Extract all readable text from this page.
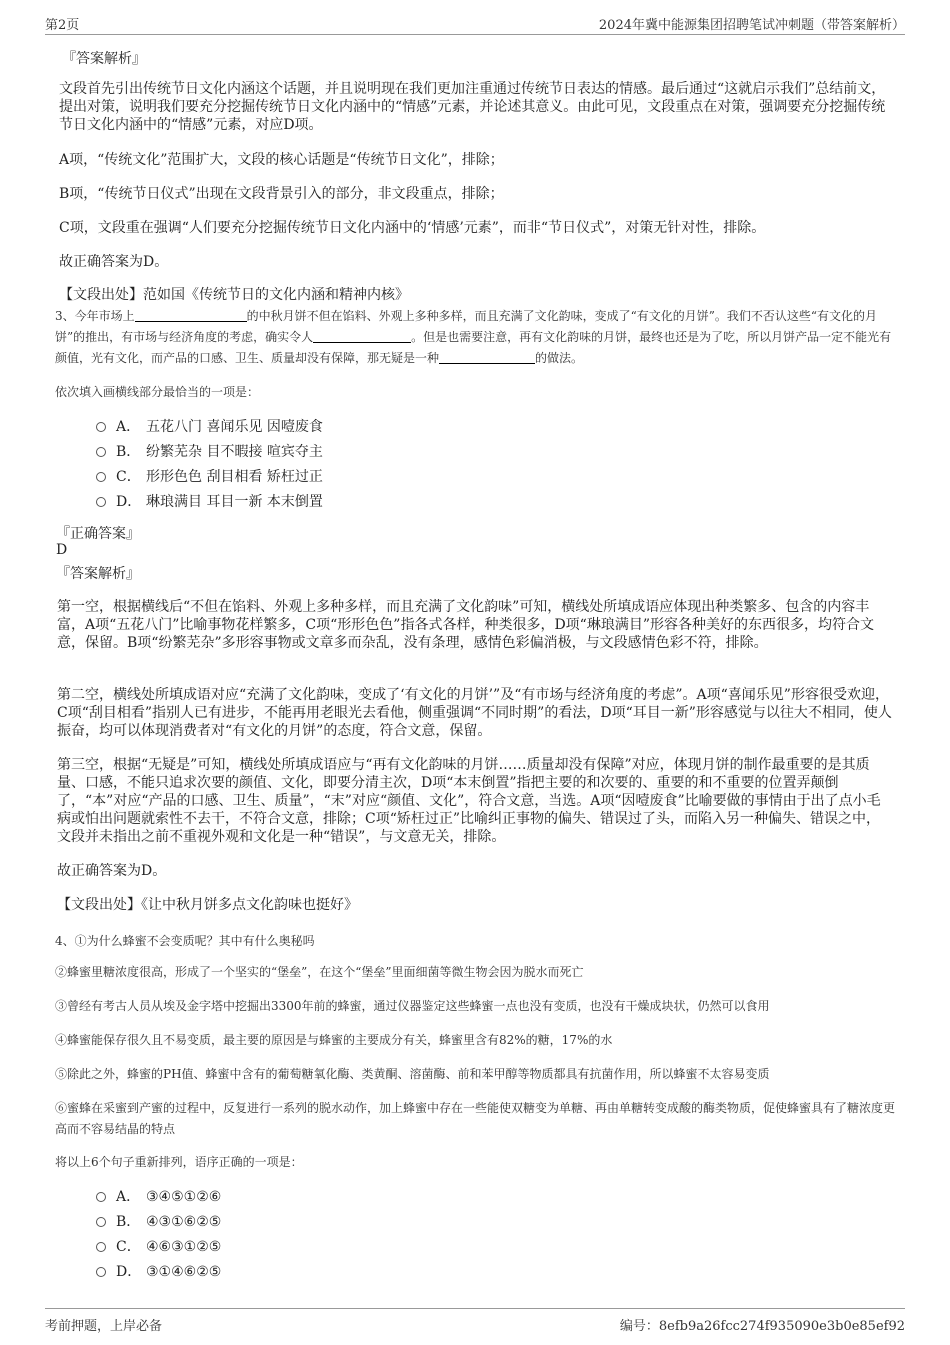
第2页	2024年冀中能源集团招聘笔试冲刺题（带答案解析）
『答案解析』
文段首先引出传统节日文化内涵这个话题，并且说明现在我们更加注重通过传统节日表达的情感。最后通过“这就启示我们”总结前文，提出对策，说明我们要充分挖掘传统节日文化内涵中的“情感”元素，并论述其意义。由此可见，文段重点在对策，强调要充分挖掘传统节日文化内涵中的“情感”元素，对应D项。
A项，“传统文化”范围扩大，文段的核心话题是“传统节日文化”，排除；
B项，“传统节日仪式”出现在文段背景引入的部分，非文段重点，排除；
C项，文段重在强调“人们要充分挖掘传统节日文化内涵中的‘情感’元素”，而非“节日仪式”，对策无针对性，排除。
故正确答案为D。
【文段出处】范如国《传统节日的文化内涵和精神内核》
3、今年市场上	的中秋月饼不但在馅料、外观上多种多样，而且充满了文化韵味，变成了“有文化的月饼”。我们不否认这些“有文化的月饼”的推出，有市场与经济角度的考虑，确实令人	。但是也需要注意，再有文化韵味的月饼，最终也还是为了吃，所以月饼产品一定不能光有颜值，光有文化，而产品的口感、卫生、质量却没有保障，那无疑是一种	的做法。
依次填入画横线部分最恰当的一项是：
A． 五花八门 喜闻乐见 因噎废食
B． 纷繁芜杂 目不暇接 喧宾夺主
C． 形形色色 刮目相看 矫枉过正
D． 琳琅满目 耳目一新 本末倒置
『正确答案』
D
『答案解析』
第一空，根据横线后“不但在馅料、外观上多种多样，而且充满了文化韵味”可知，横线处所填成语应体现出种类繁多、包含的内容丰富，A项“五花八门”比喻事物花样繁多，C项“形形色色”指各式各样，种类很多，D项“琳琅满目”形容各种美好的东西很多，均符合文意，保留。B项“纷繁芜杂”多形容事物或文章多而杂乱，没有条理，感情色彩偏消极，与文段感情色彩不符，排除。
第二空，横线处所填成语对应“充满了文化韵味，变成了‘有文化的月饼’”及“有市场与经济角度的考虑”。A项“喜闻乐见”形容很受欢迎，C项“刮目相看”指别人已有进步，不能再用老眼光去看他，侧重强调“不同时期”的看法，D项“耳目一新”形容感觉与以往大不相同，使人振奋，均可以体现消费者对“有文化的月饼”的态度，符合文意，保留。
第三空，根据“无疑是”可知，横线处所填成语应与“再有文化韵味的月饼……质量却没有保障”对应，体现月饼的制作最重要的是其质量、口感，不能只追求次要的颜值、文化，即要分清主次，D项“本末倒置”指把主要的和次要的、重要的和不重要的位置弄颠倒了，“本”对应“产品的口感、卫生、质量”，“末”对应“颜值、文化”，符合文意，当选。A项“因噎废食”比喻要做的事情由于出了点小毛病或怕出问题就索性不去干，不符合文意，排除；C项“矫枉过正”比喻纠正事物的偏失、错误过了头，而陷入另一种偏失、错误之中，文段并未指出之前不重视外观和文化是一种“错误”，与文意无关，排除。
故正确答案为D。
【文段出处】《让中秋月饼多点文化韵味也挺好》
4、①为什么蜂蜜不会变质呢？其中有什么奥秘吗
②蜂蜜里糖浓度很高，形成了一个坚实的“堡垒”，在这个“堡垒”里面细菌等微生物会因为脱水而死亡
③曾经有考古人员从埃及金字塔中挖掘出3300年前的蜂蜜，通过仪器鉴定这些蜂蜜一点也没有变质，也没有干燥成块状，仍然可以食用
④蜂蜜能保存很久且不易变质，最主要的原因是与蜂蜜的主要成分有关，蜂蜜里含有82%的糖，17%的水
⑤除此之外，蜂蜜的PH值、蜂蜜中含有的葡萄糖氧化酶、类黄酮、溶菌酶、前和苯甲醇等物质都具有抗菌作用，所以蜂蜜不太容易变质
⑥蜜蜂在采蜜到产蜜的过程中，反复进行一系列的脱水动作，加上蜂蜜中存在一些能使双糖变为单糖、再由单糖转变成酸的酶类物质，促使蜂蜜具有了糖浓度更高而不容易结晶的特点
将以上6个句子重新排列，语序正确的一项是：
A． ③④⑤①②⑥
B． ④③①⑥②⑤
C． ④⑥③①②⑤
D． ③①④⑥②⑤
考前押题，上岸必备	编号：8efb9a26fcc274f935090e3b0e85ef92
